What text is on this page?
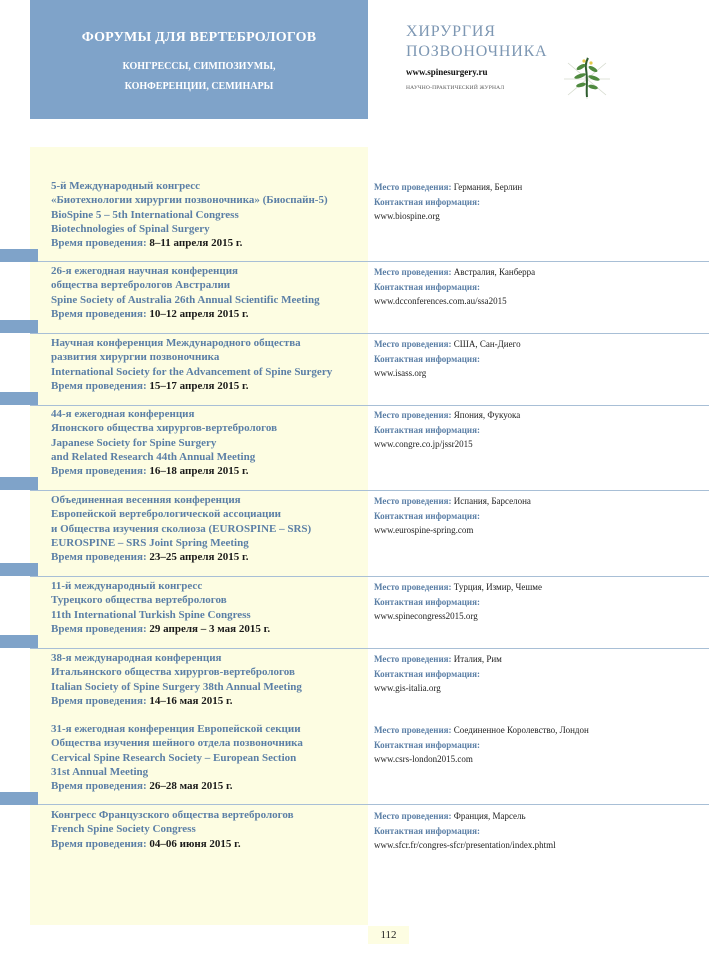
ФОРУМЫ ДЛЯ ВЕРТЕБРОЛОГОВ
КОНГРЕССЫ, СИМПОЗИУМЫ,
КОНФЕРЕНЦИИ, СЕМИНАРЫ
ХИРУРГИЯ
ПОЗВОНОЧНИКА
www.spinesurgery.ru
НАУЧНО-ПРАКТИЧЕСКИЙ ЖУРНАЛ
5-й Международный конгресс
«Биотехнологии хирургии позвоночника» (Биоспайн-5)
BioSpine 5 – 5th International Congress
Biotechnologies of Spinal Surgery
Время проведения: 8–11 апреля 2015 г.
Место проведения: Германия, Берлин
Контактная информация:
www.biospine.org
26-я ежегодная научная конференция
общества вертебрологов Австралии
Spine Society of Australia 26th Annual Scientific Meeting
Время проведения: 10–12 апреля 2015 г.
Место проведения: Австралия, Канберра
Контактная информация:
www.dcconferences.com.au/ssa2015
Научная конференция Международного общества
развития хирургии позвоночника
International Society for the Advancement of Spine Surgery
Время проведения: 15–17 апреля 2015 г.
Место проведения: США, Сан-Диего
Контактная информация:
www.isass.org
44-я ежегодная конференция
Японского общества хирургов-вертебрологов
Japanese Society for Spine Surgery
and Related Research 44th Annual Meeting
Время проведения: 16–18 апреля 2015 г.
Место проведения: Япония, Фукуока
Контактная информация:
www.congre.co.jp/jssr2015
Объединенная весенняя конференция
Европейской вертебрологической ассоциации
и Общества изучения сколиоза (EUROSPINE – SRS)
EUROSPINE – SRS Joint Spring Meeting
Время проведения: 23–25 апреля 2015 г.
Место проведения: Испания, Барселона
Контактная информация:
www.eurospine-spring.com
11-й международный конгресс
Турецкого общества вертебрологов
11th International Turkish Spine Congress
Время проведения: 29 апреля – 3 мая 2015 г.
Место проведения: Турция, Измир, Чешме
Контактная информация:
www.spinecongress2015.org
38-я международная конференция
Итальянского общества хирургов-вертебрологов
Italian Society of Spine Surgery 38th Annual Meeting
Время проведения: 14–16 мая 2015 г.
Место проведения: Италия, Рим
Контактная информация:
www.gis-italia.org
31-я ежегодная конференция Европейской секции
Общества изучения шейного отдела позвоночника
Cervical Spine Research Society – European Section
31st Annual Meeting
Время проведения: 26–28 мая 2015 г.
Место проведения: Соединенное Королевство, Лондон
Контактная информация:
www.csrs-london2015.com
Конгресс Французского общества вертебрологов
French Spine Society Congress
Время проведения: 04–06 июня 2015 г.
Место проведения: Франция, Марсель
Контактная информация:
www.sfcr.fr/congres-sfcr/presentation/index.phtml
112
